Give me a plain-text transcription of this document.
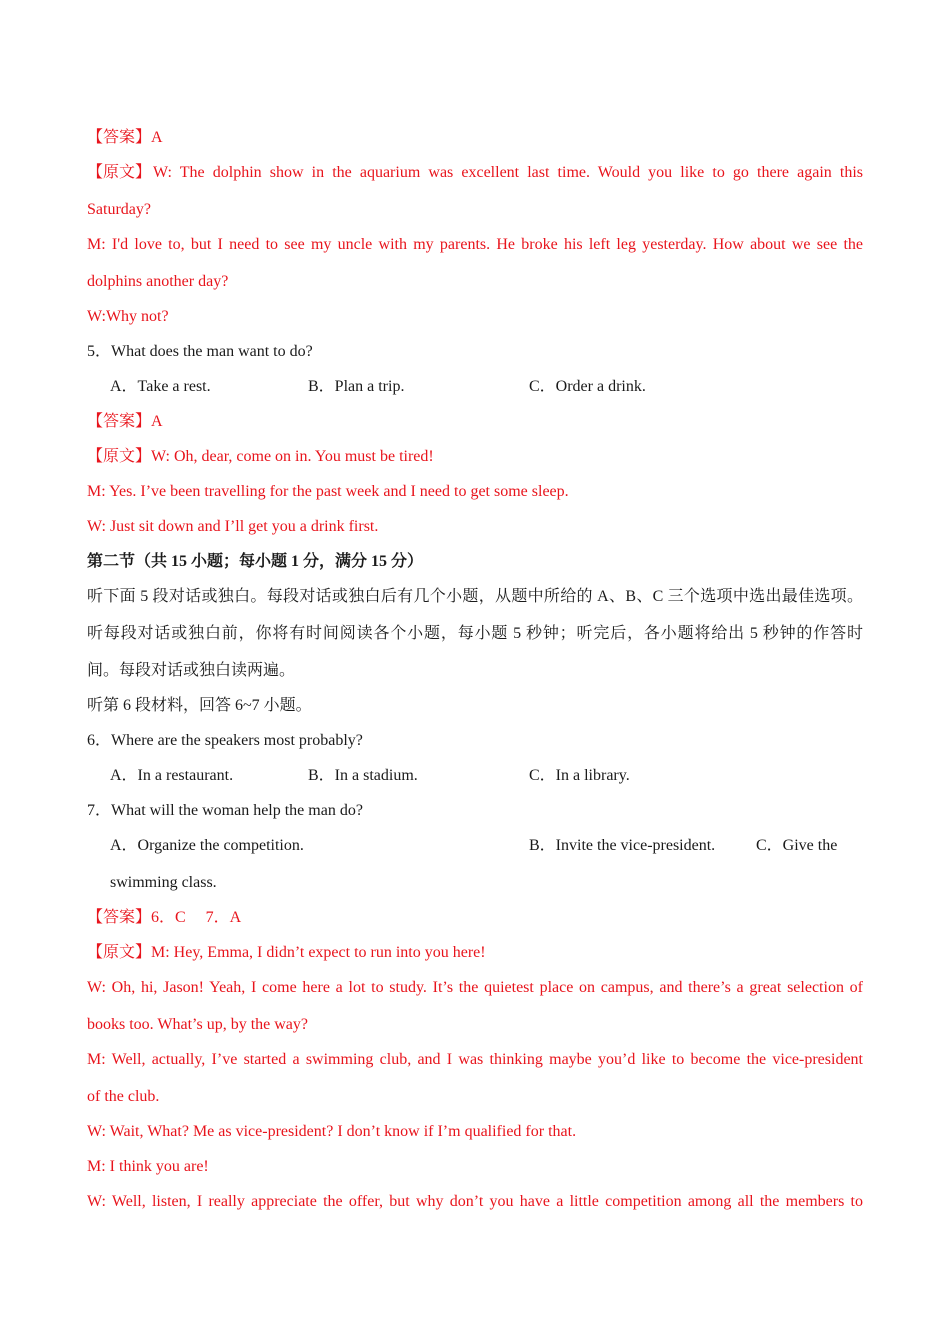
【答案】A
【原文】 W: The dolphin show in the aquarium was excellent last time. Would you like to go there again this
Saturday?
M: I'd love to, but I need to see my uncle with my parents. He broke his left leg yesterday. How about we see the
dolphins another day?
W:Why not?
5．What does the man want to do?
A．Take a rest.	B．Plan a trip.	C．Order a drink.
【答案】A
【原文】W: Oh, dear, come on in. You must be tired!
M: Yes. I’ve been travelling for the past week and I need to get some sleep.
W: Just sit down and I’ll get you a drink first.
第二节（共 15 小题；每小题 1 分，满分 15 分）
听下面 5 段对话或独白。每段对话或独白后有几个小题，从题中所给的 A、B、C 三个选项中选出最佳选项。
听每段对话或独白前，你将有时间阅读各个小题，每小题 5 秒钟；听完后，各小题将给出 5 秒钟的作答时
间。每段对话或独白读两遍。
听第 6 段材料，回答 6~7 小题。
6．Where are the speakers most probably?
A．In a restaurant.	B．In a stadium.	C．In a library.
7．What will the woman help the man do?
A．Organize the competition.	B．Invite the vice-president.	C．Give the
swimming class.
【答案】6．C　 7．A
【原文】M: Hey, Emma, I didn’t expect to run into you here!
W: Oh, hi, Jason! Yeah, I come here a lot to study. It’s the quietest place on campus, and there’s a great selection of
books too. What’s up, by the way?
M: Well, actually, I’ve started a swimming club, and I was thinking maybe you’d like to become the vice-president
of the club.
W: Wait, What? Me as vice-president? I don’t know if I’m qualified for that.
M: I think you are!
W: Well, listen, I really appreciate the offer, but why don’t you have a little competition among all the members to
